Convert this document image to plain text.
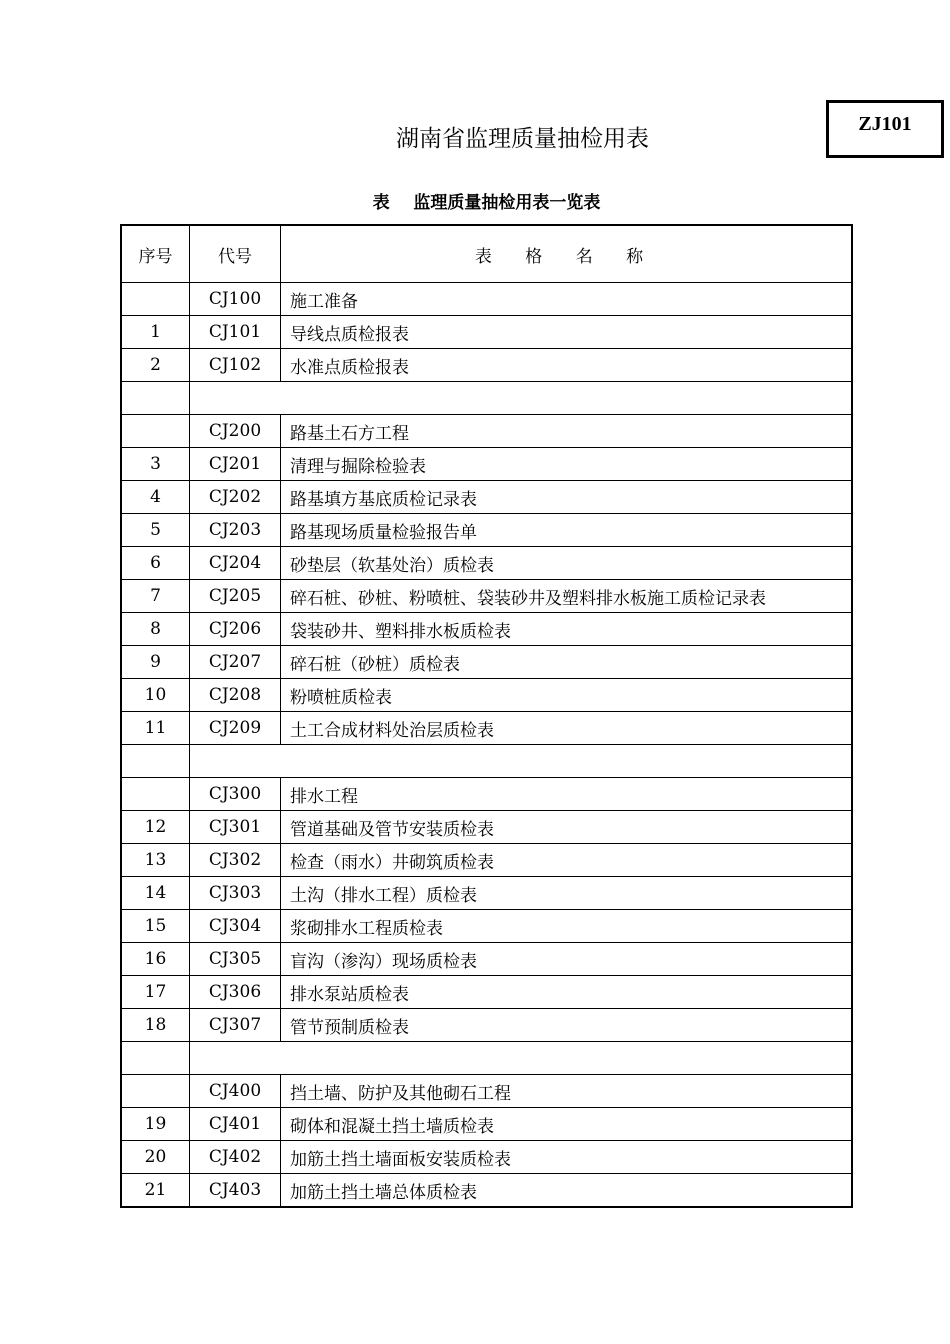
ZJ101
湖南省监理质量抽检用表
表    监理质量抽检用表一览表
序号	代号	表 格 名 称
	CJ100	施工准备
1	CJ101	导线点质检报表
2	CJ102	水准点质检报表

	CJ200	路基土石方工程
3	CJ201	清理与掘除检验表
4	CJ202	路基填方基底质检记录表
5	CJ203	路基现场质量检验报告单
6	CJ204	砂垫层（软基处治）质检表
7	CJ205	碎石桩、砂桩、粉喷桩、袋装砂井及塑料排水板施工质检记录表
8	CJ206	袋装砂井、塑料排水板质检表
9	CJ207	碎石桩（砂桩）质检表
10	CJ208	粉喷桩质检表
11	CJ209	土工合成材料处治层质检表

	CJ300	排水工程
12	CJ301	管道基础及管节安装质检表
13	CJ302	检查（雨水）井砌筑质检表
14	CJ303	土沟（排水工程）质检表
15	CJ304	浆砌排水工程质检表
16	CJ305	盲沟（渗沟）现场质检表
17	CJ306	排水泵站质检表
18	CJ307	管节预制质检表

	CJ400	挡土墙、防护及其他砌石工程
19	CJ401	砌体和混凝土挡土墙质检表
20	CJ402	加筋土挡土墙面板安装质检表
21	CJ403	加筋土挡土墙总体质检表
